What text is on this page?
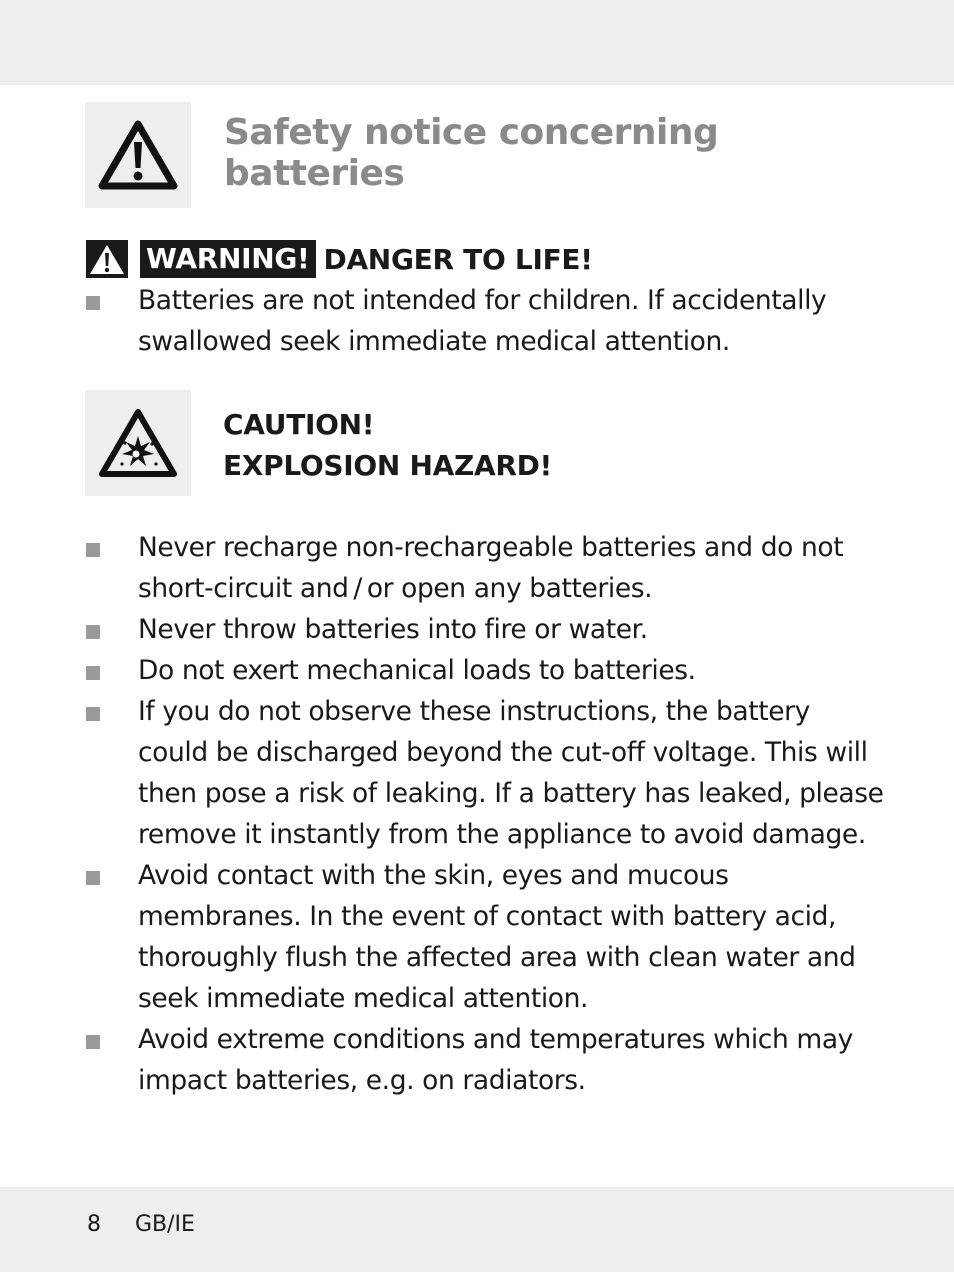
Safety notice concerning
batteries
WARNING! DANGER TO LIFE!
Batteries are not intended for children. If accidentally swallowed seek immediate medical attention.
CAUTION!
EXPLOSION HAZARD!
Never recharge non-rechargeable batteries and do not short-circuit and / or open any batteries.
Never throw batteries into fire or water.
Do not exert mechanical loads to batteries.
If you do not observe these instructions, the battery could be discharged beyond the cut-off voltage. This will then pose a risk of leaking. If a battery has leaked, please remove it instantly from the appliance to avoid damage.
Avoid contact with the skin, eyes and mucous membranes. In the event of contact with battery acid, thoroughly flush the affected area with clean water and seek immediate medical attention.
Avoid extreme conditions and temperatures which may impact batteries, e.g. on radiators.
8	GB/IE
